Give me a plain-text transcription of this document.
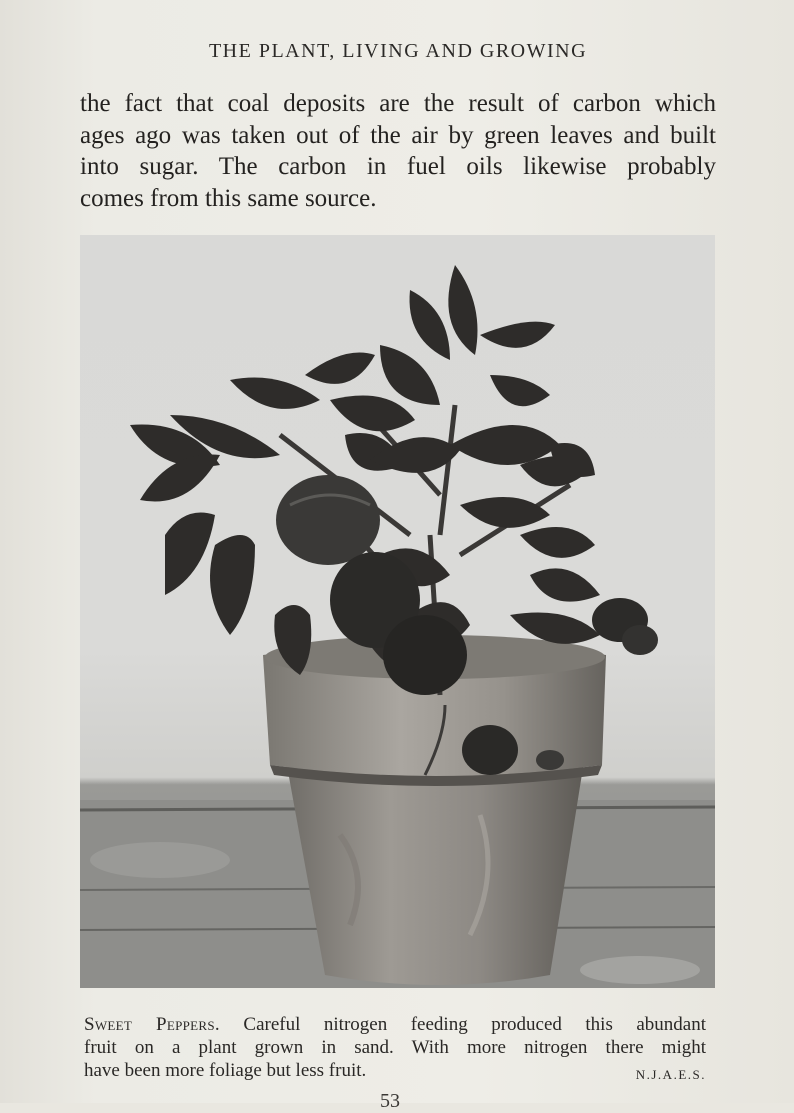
THE PLANT, LIVING AND GROWING
the fact that coal deposits are the result of carbon which
ages ago was taken out of the air by green leaves and built
into sugar. The carbon in fuel oils likewise probably
comes from this same source.
Sweet Peppers. Careful nitrogen feeding produced this abundant
fruit on a plant grown in sand. With more nitrogen there might
have been more foliage but less fruit.	N.J.A.E.S.
53
